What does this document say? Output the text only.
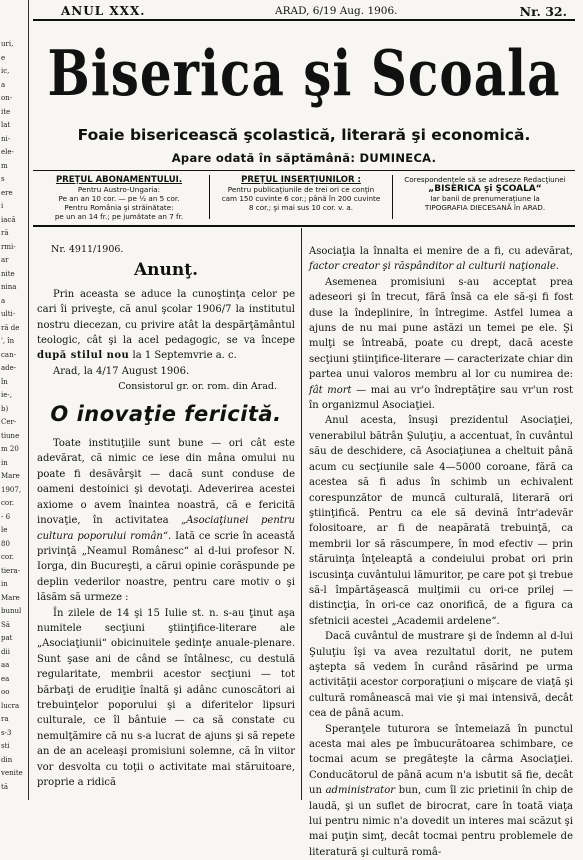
uri,
e
ic,
a
on-
ite
lat
ni-
ele-
m
s
ere
i
iacă
ră
rmi-
ar
nite
nina
a
ulti-
ră de
', în
can-
ade-
în
ie-,
b)
Cer-
tiune
m 20
in
Mare
1907,
cor.
- 6
le
80
cor.
tiera-
in
Mare
bunul
Să
pat
dii
aa
ea
oo
lucra
ra
s-3
sti
din
venite
tă
ANUL XXX.	ARAD, 6/19 Aug. 1906.	Nr. 32.
Biserica şi Scoala
Foaie bisericească şcolastică, literară şi economică.
Apare odată în săptămână: DUMINECA.
PREŢUL ABONAMENTULUI.
Pentru Austro-Ungaria:
Pe an an 10 cor. — pe ½ an 5 cor.
Pentru România şi străinătate:
pe un an 14 fr.; pe jumătate an 7 fr.
PREŢUL INSERŢIUNILOR :
Pentru publicaţiunile de trei ori ce conţin
cam 150 cuvinte 6 cor.; până în 200 cuvinte
8 cor.; şi mai sus 10 cor. v. a.
Corespondenţele să se adreseze Redacţiunei
„BISERICA şi ŞCOALA“
Iar banii de prenumeraţiune la
TIPOGRAFIA DIECESANĂ în ARAD.

Nr. 4911/1906.

Anunţ.

Prin aceasta se aduce la cunoştinţa celor pe cari îi priveşte, că anul şcolar 1906/7 la institutul nostru diecezan, cu privire atât la despărţământul teologic, cât şi la acel pedagogic, se va începe după stilul nou la 1 Septemvrie a. c.

Arad, la 4/17 August 1906.

Consistorul gr. or. rom. din Arad.

O inovaţie fericită.

Toate instituţiile sunt bune — ori cât este adevărat, că nimic ce iese din mâna omului nu poate fi desăvârşit — dacă sunt conduse de oameni destoinici şi devotaţi. Adeverirea acestei axiome o avem înaintea noastră, că e fericită inovaţie, în activitatea „Asociaţiunei pentru cultura poporului român“. Iată ce scrie în aceastǎ privinţă „Neamul Românesc“ al d-lui profesor N. Iorga, din Bucureşti, a cărui opinie corăspunde pe deplin vederilor noastre, pentru care motiv o şi lăsăm să urmeze :

În zilele de 14 şi 15 Iulie st. n. s-au ţinut aşa numitele secţiuni ştiinţifice-literare ale „Asociaţiunii“ obicinuitele şedinţe anuale-plenare. Sunt şase ani de când se întâlnesc, cu destulă regularitate, membrii acestor secţiuni — tot bărbaţi de erudiţie înaltă şi adânc cunoscători ai trebuinţelor poporului şi a diferitelor lipsuri culturale, ce îl bântuie — ca să constate cu nemulţămire că nu s-a lucrat de ajuns şi să repete an de an aceleaşi promisiuni solemne, că în viitor vor desvolta cu toţii o activitate mai stăruitoare, proprie a ridică

Asociaţia la înnalta ei menire de a fi, cu adevărat, factor creator şi răspânditor al culturii naţionale.

Asemenea promisiuni s-au acceptat prea adeseori şi în trecut, fără însă ca ele să-şi fi fost duse la îndeplinire, în întregime. Astfel lumea a ajuns de nu mai pune astăzi un temei pe ele. Şi mulţi se întreabă, poate cu drept, dacă aceste secţiuni ştiinţifice-literare — caracterizate chiar din partea unui valoros membru al lor cu numirea de: fât mort — mai au vr'o îndreptăţire sau vr'un rost în organizmul Asociaţiei.

Anul acesta, însuşi prezidentul Asociaţiei, venerabilul bătrân Şuluţiu, a accentuat, în cuvântul său de deschidere, că Asociaţiunea a cheltuit până acum cu secţiunile sale 4—5000 coroane, fără ca acestea să fi adus în schimb un echivalent corespunzător de muncă culturală, literară ori ştiinţifică. Pentru ca ele să devină într'adevăr folositoare, ar fi de neapărată trebuinţă, ca membrii lor să răscumpere, în mod efectiv — prin stăruinţa înţeleaptă a condeiului probat ori prin iscusinţa cuvântului lămuritor, pe care pot şi trebue să-l împărtăşească mulţimii cu ori-ce prilej — distincţia, în ori-ce caz onorifică, de a figura ca sfetnicii acestei „Academii ardelene“.

Dacă cuvântul de mustrare şi de îndemn al d-lui Şuluţiu îşi va avea rezultatul dorit, ne putem aştepta să vedem în curând răsărind pe urma activităţii acestor corporaţiuni o mişcare de viaţă şi cultură românească mai vie şi mai intensivă, decât cea de până acum.

Speranţele tuturora se întemeiază în punctul acesta mai ales pe îmbucurătoarea schimbare, ce tocmai acum se pregăteşte la cârma Asociaţiei. Conducătorul de până acum n'a isbutit să fie, decât un administrator bun, cum îl zic prietinii în chip de laudă, şi un suflet de birocrat, care în toată viaţa lui pentru nimic n'a dovedit un interes mai scăzut şi mai puţin simţ, decât tocmai pentru problemele de literatură şi cultură româ-
